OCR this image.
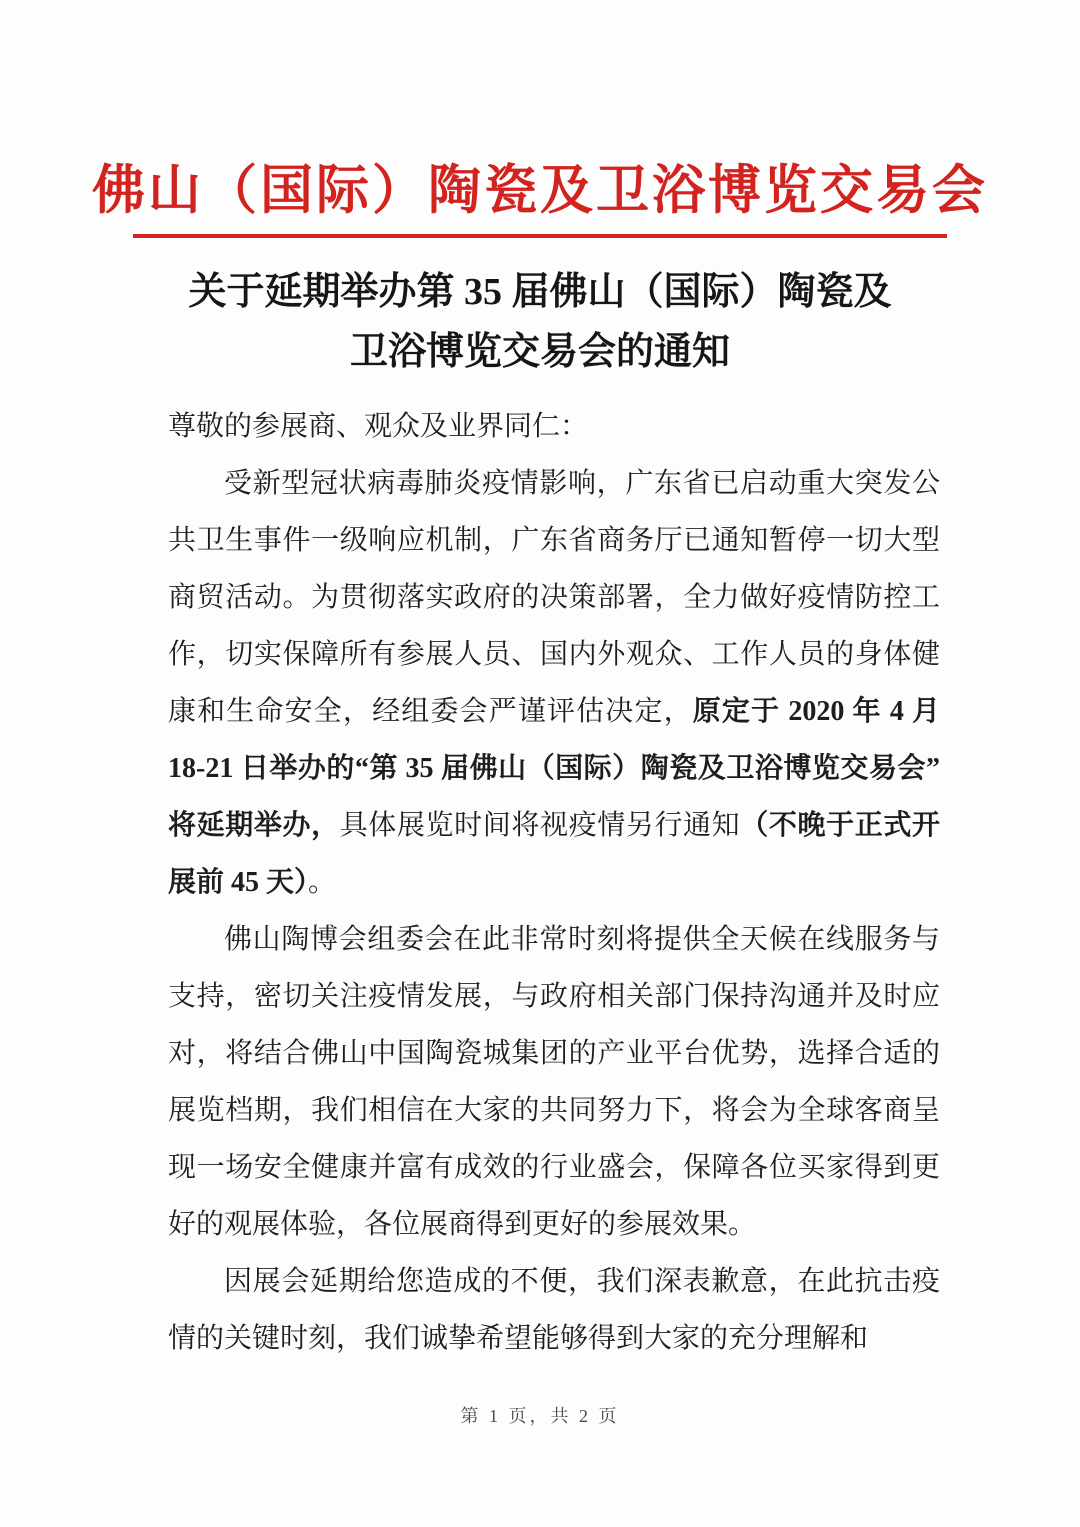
佛山（国际）陶瓷及卫浴博览交易会
关于延期举办第 35 届佛山（国际）陶瓷及
卫浴博览交易会的通知

尊敬的参展商、观众及业界同仁：

受新型冠状病毒肺炎疫情影响，广东省已启动重大突发公共卫生事件一级响应机制，广东省商务厅已通知暂停一切大型商贸活动。为贯彻落实政府的决策部署，全力做好疫情防控工作，切实保障所有参展人员、国内外观众、工作人员的身体健康和生命安全，经组委会严谨评估决定，原定于 2020 年 4 月 18-21 日举办的“第 35 届佛山（国际）陶瓷及卫浴博览交易会”将延期举办，具体展览时间将视疫情另行通知（不晚于正式开展前 45 天）。

佛山陶博会组委会在此非常时刻将提供全天候在线服务与支持，密切关注疫情发展，与政府相关部门保持沟通并及时应对，将结合佛山中国陶瓷城集团的产业平台优势，选择合适的展览档期，我们相信在大家的共同努力下，将会为全球客商呈现一场安全健康并富有成效的行业盛会，保障各位买家得到更好的观展体验，各位展商得到更好的参展效果。

因展会延期给您造成的不便，我们深表歉意，在此抗击疫情的关键时刻，我们诚挚希望能够得到大家的充分理解和

第 1 页，共 2 页
